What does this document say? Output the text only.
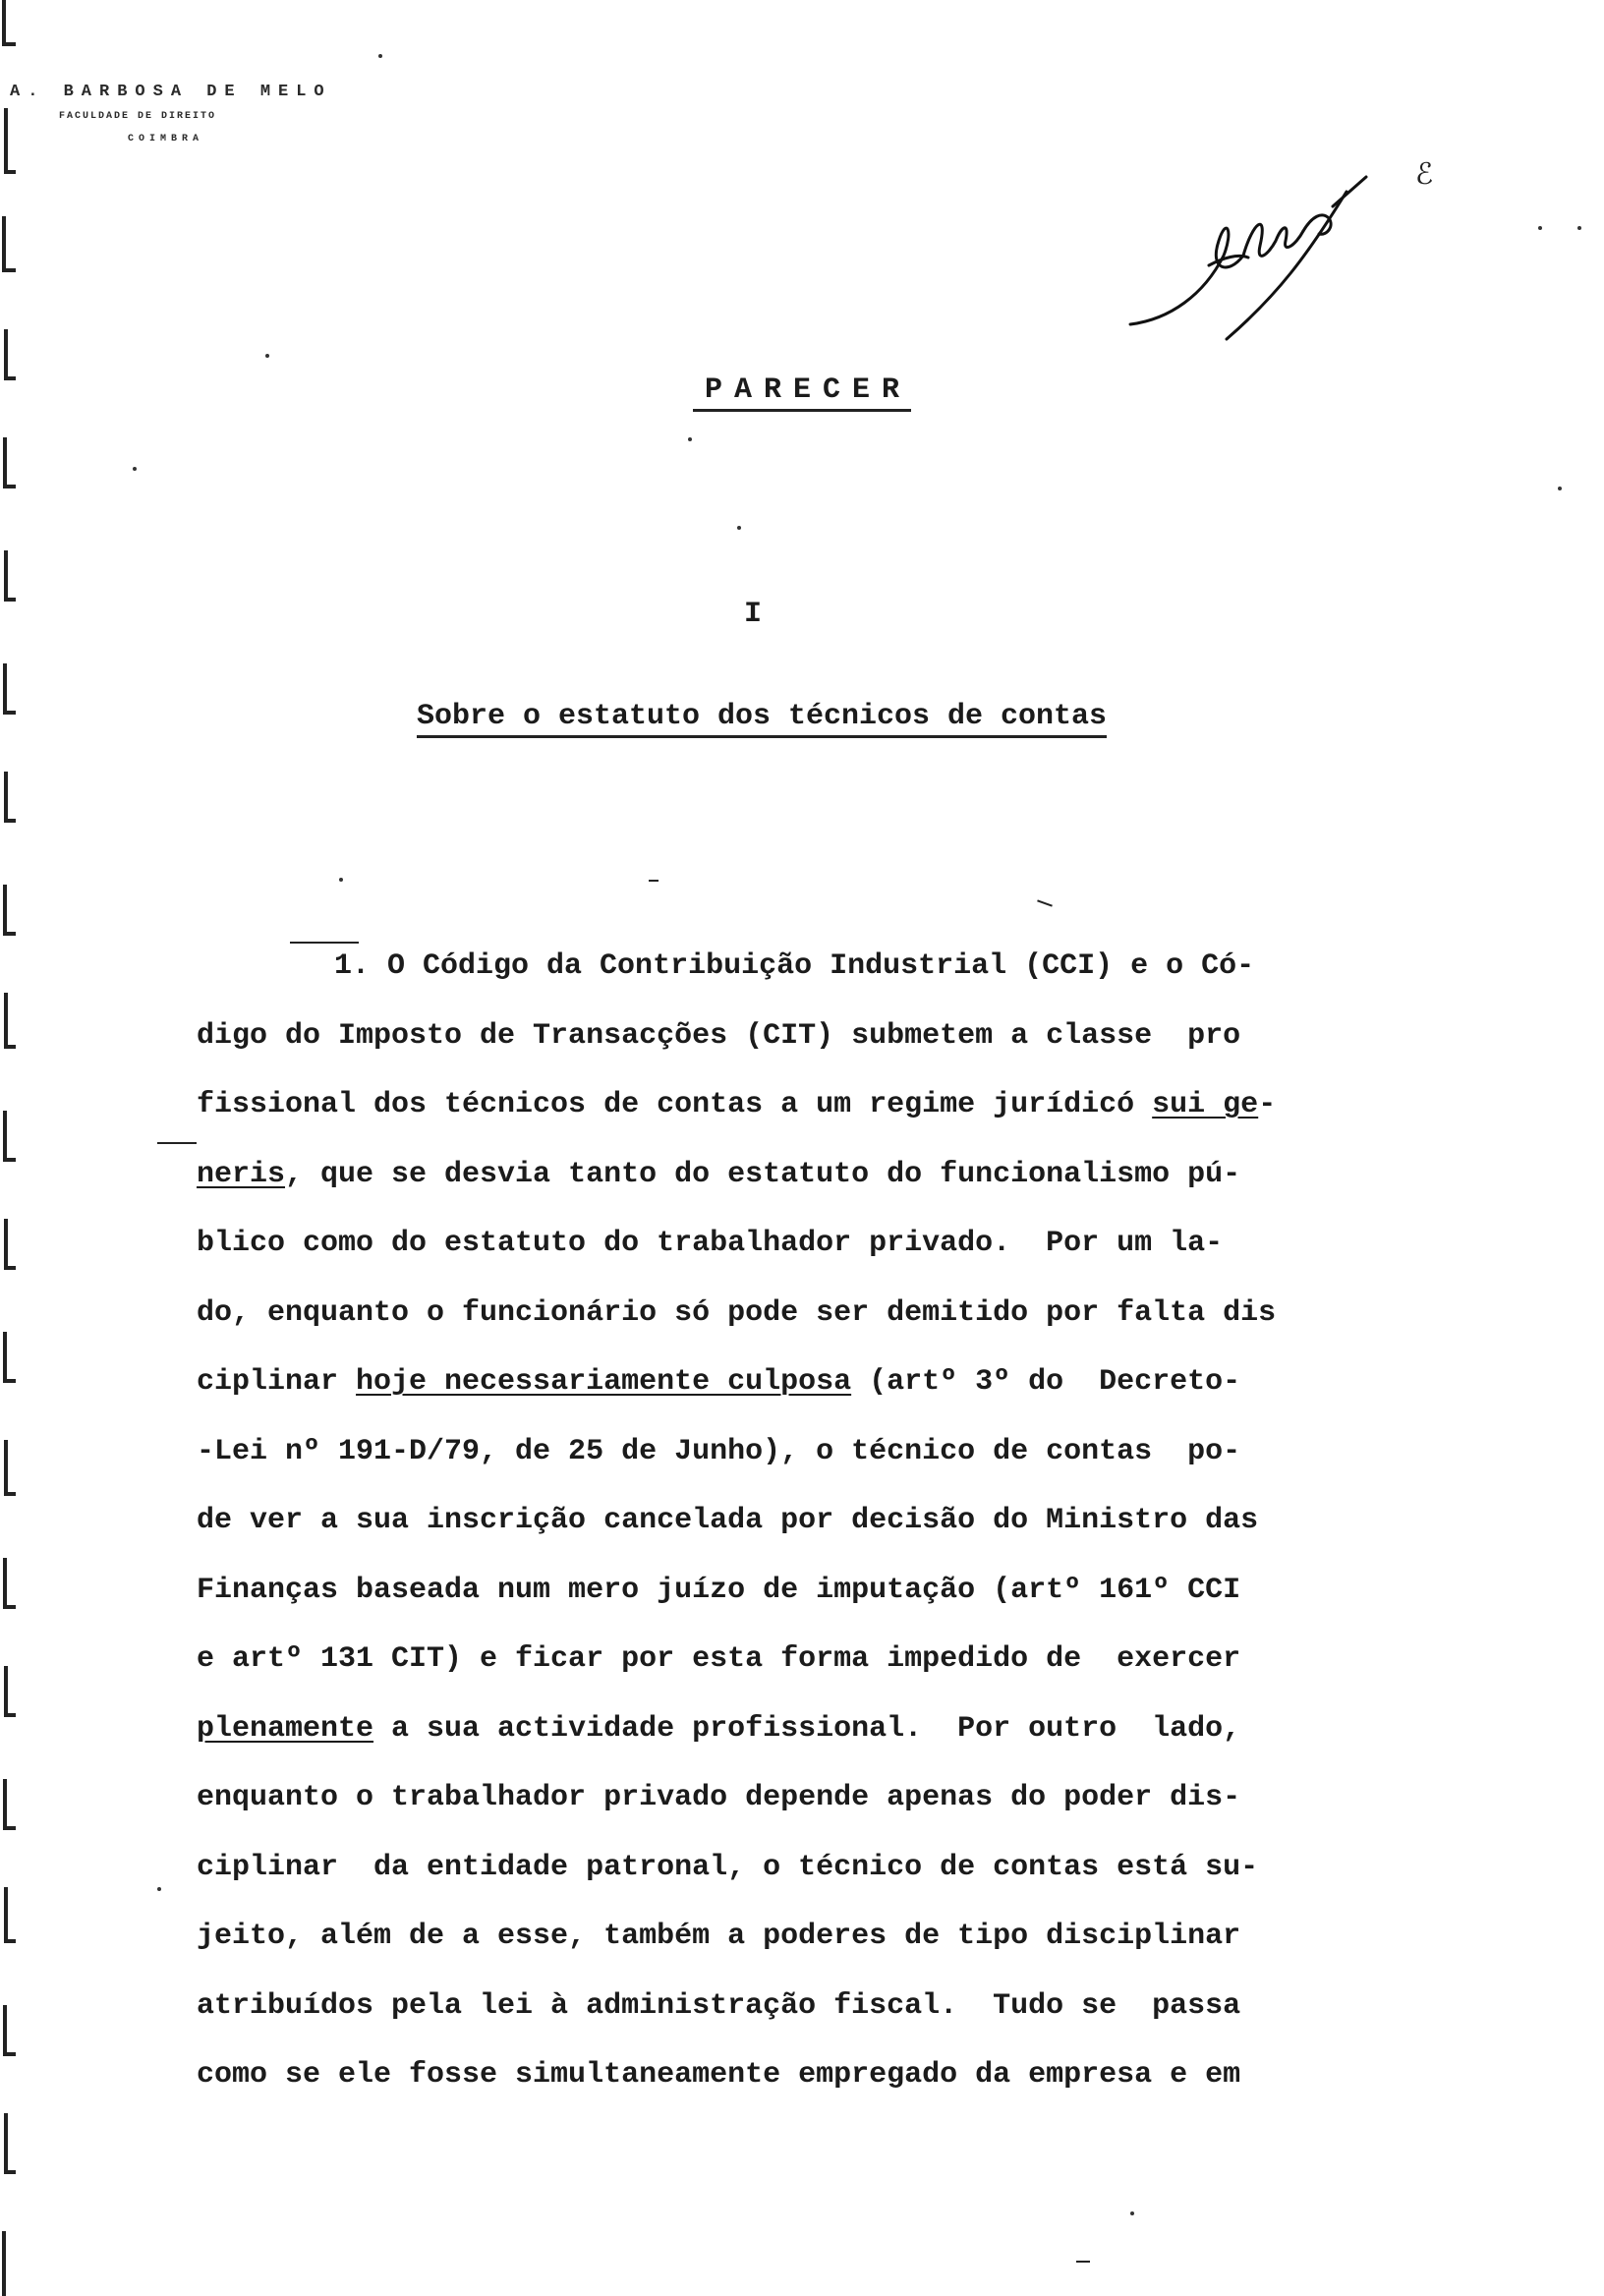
A. BARBOSA DE MELO
FACULDADE DE DIREITO
COIMBRA
ℰ
PARECER
I
Sobre o estatuto dos técnicos de contas
1. O Código da Contribuição Industrial (CCI) e o Có-
digo do Imposto de Transacções (CIT) submetem a classe  pro
fissional dos técnicos de contas a um regime jurídicó sui ge-
neris, que se desvia tanto do estatuto do funcionalismo pú-
blico como do estatuto do trabalhador privado.  Por um la-
do, enquanto o funcionário só pode ser demitido por falta dis
ciplinar hoje necessariamente culposa (artº 3º do  Decreto-
-Lei nº 191-D/79, de 25 de Junho), o técnico de contas  po-
de ver a sua inscrição cancelada por decisão do Ministro das
Finanças baseada num mero juízo de imputação (artº 161º CCI
e artº 131 CIT) e ficar por esta forma impedido de  exercer
plenamente a sua actividade profissional.  Por outro  lado,
enquanto o trabalhador privado depende apenas do poder dis-
ciplinar  da entidade patronal, o técnico de contas está su-
jeito, além de a esse, também a poderes de tipo disciplinar
atribuídos pela lei à administração fiscal.  Tudo se  passa
como se ele fosse simultaneamente empregado da empresa e em
